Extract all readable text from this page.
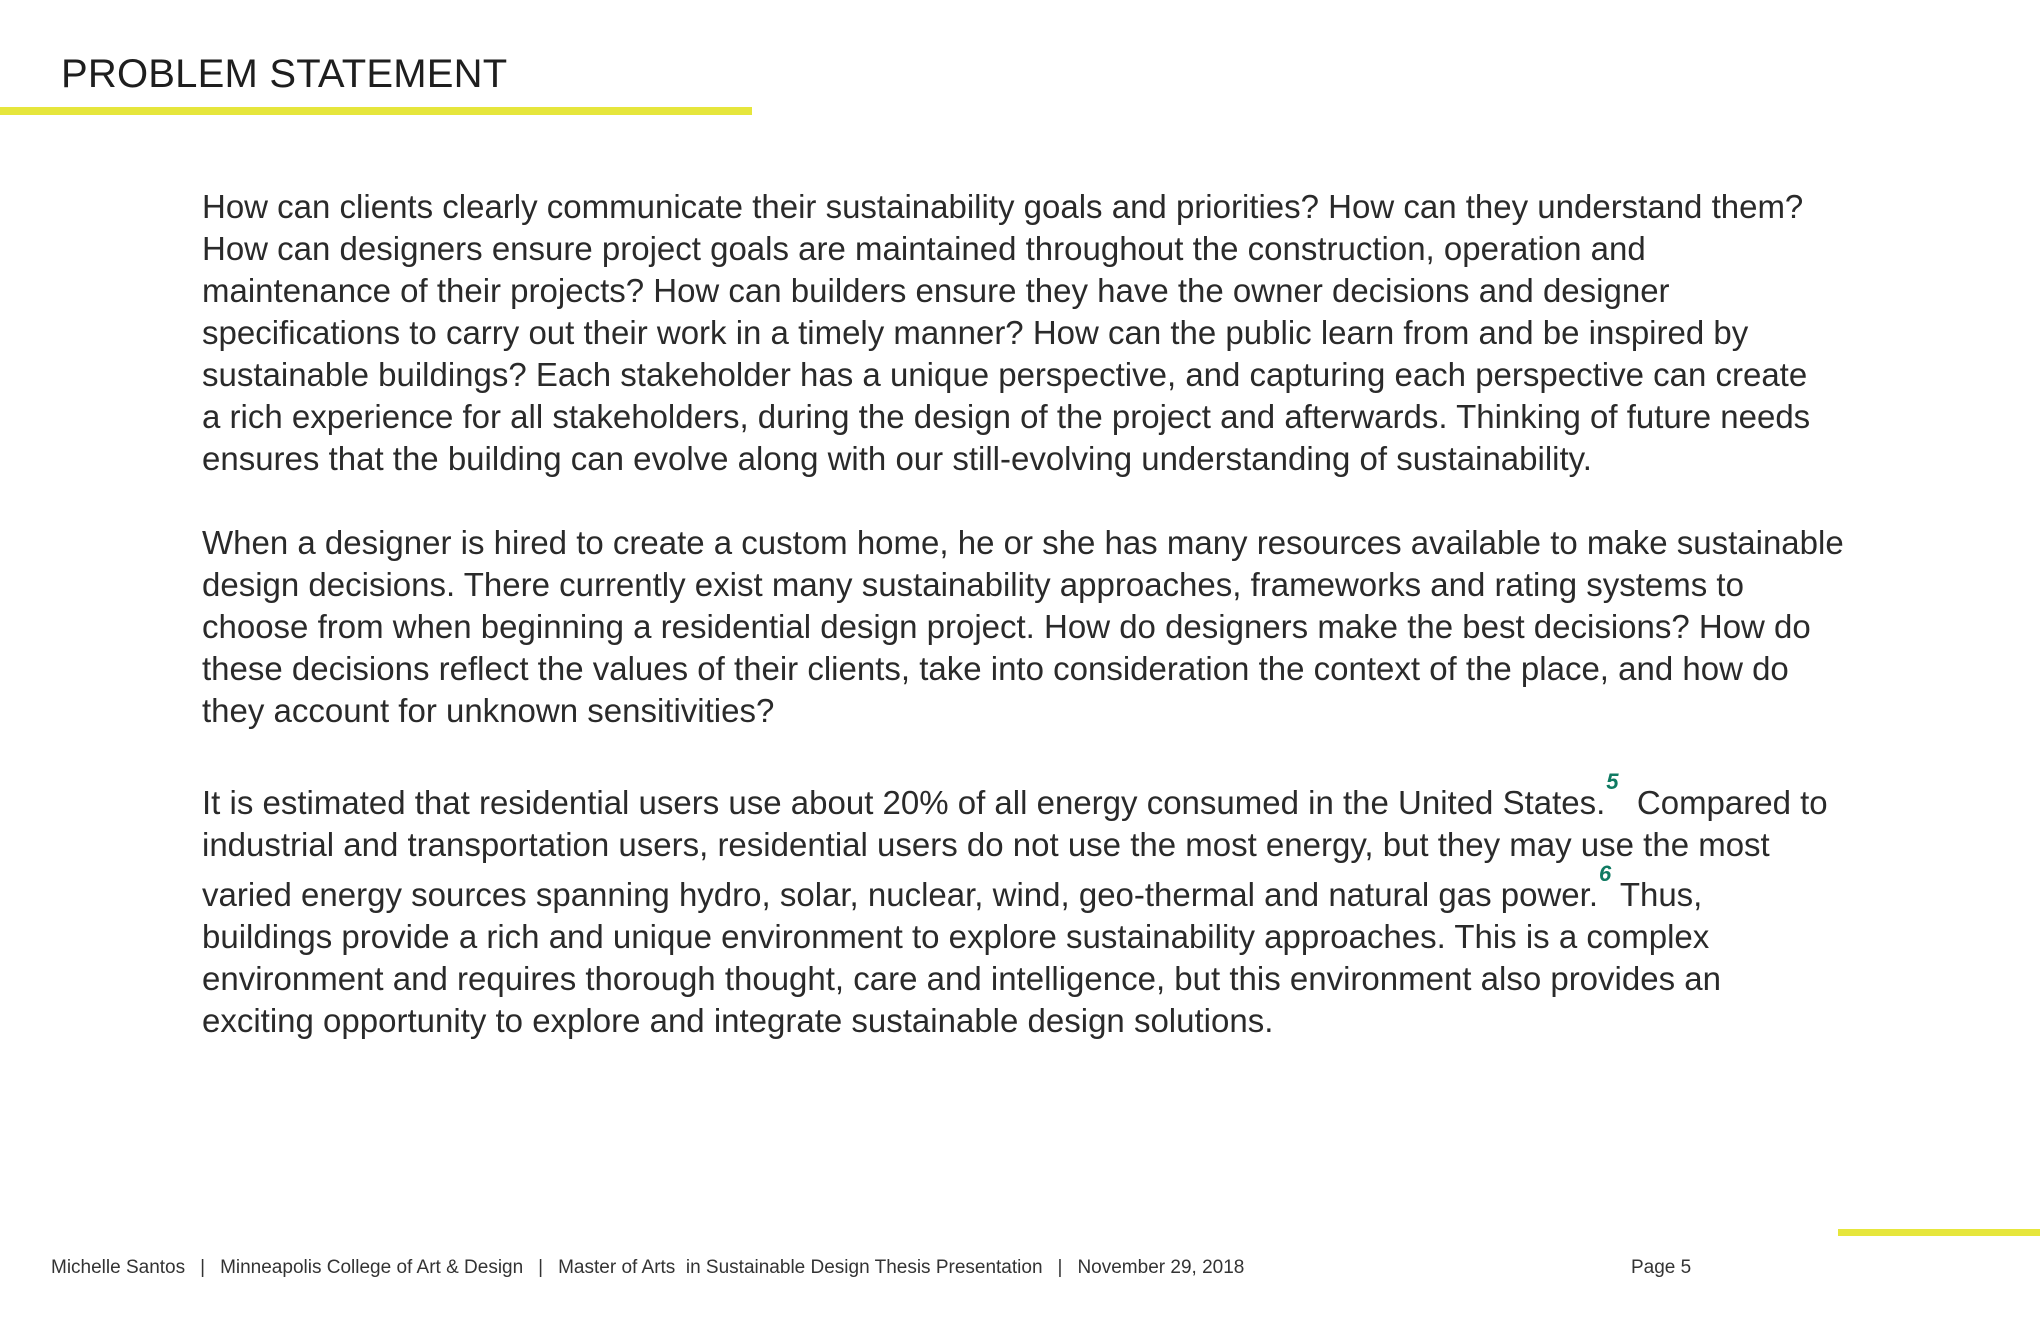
PROBLEM STATEMENT

How can clients clearly communicate their sustainability goals and priorities? How can they understand them?
How can designers ensure project goals are maintained throughout the construction, operation and
maintenance of their projects? How can builders ensure they have the owner decisions and designer
specifications to carry out their work in a timely manner? How can the public learn from and be inspired by
sustainable buildings? Each stakeholder has a unique perspective, and capturing each perspective can create
a rich experience for all stakeholders, during the design of the project and afterwards. Thinking of future needs
ensures that the building can evolve along with our still-evolving understanding of sustainability.

When a designer is hired to create a custom home, he or she has many resources available to make sustainable
design decisions. There currently exist many sustainability approaches, frameworks and rating systems to
choose from when beginning a residential design project. How do designers make the best decisions? How do
these decisions reflect the values of their clients, take into consideration the context of the place, and how do
they account for unknown sensitivities?

It is estimated that residential users use about 20% of all energy consumed in the United States.$^5$  Compared to
industrial and transportation users, residential users do not use the most energy, but they may use the most
varied energy sources spanning hydro, solar, nuclear, wind, geo-thermal and natural gas power.$^6$ Thus,
buildings provide a rich and unique environment to explore sustainability approaches. This is a complex
environment and requires thorough thought, care and intelligence, but this environment also provides an
exciting opportunity to explore and integrate sustainable design solutions.

Michelle Santos | Minneapolis College of Art & Design | Master of Arts  in Sustainable Design Thesis Presentation | November 29, 2018	Page 5
